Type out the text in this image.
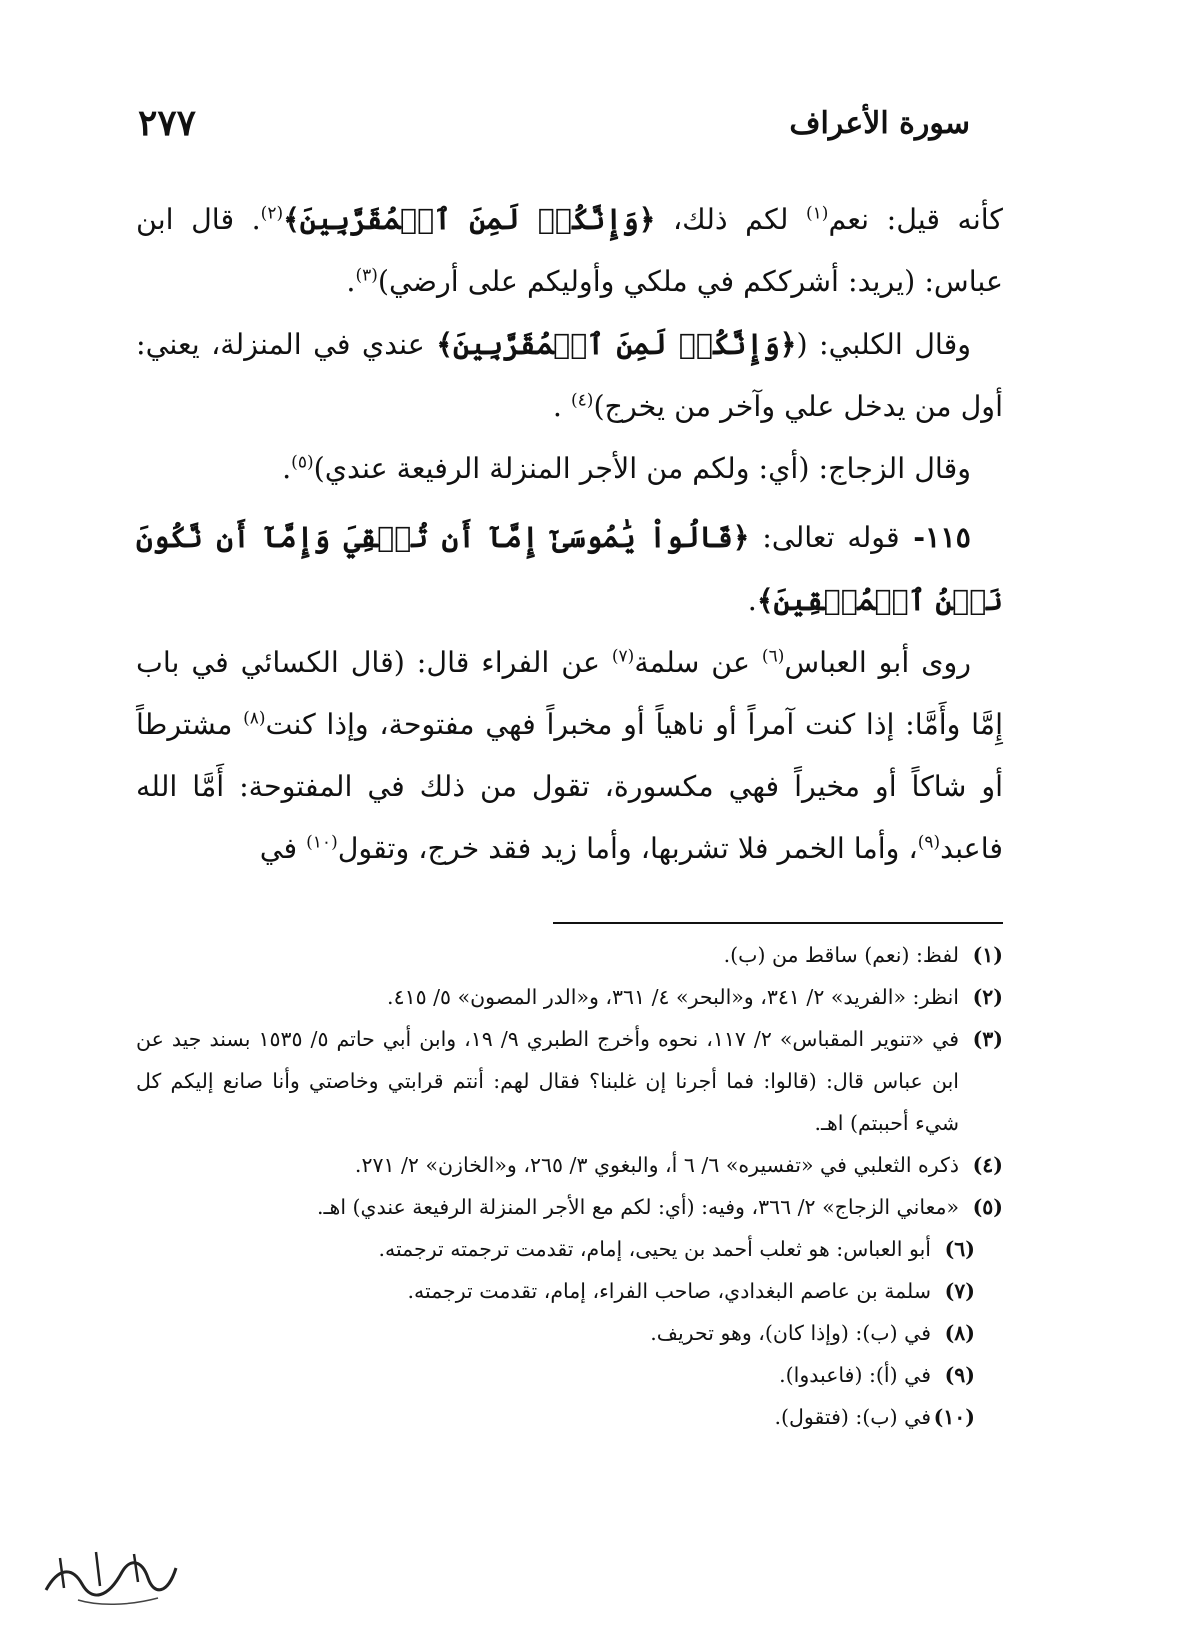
سورة الأعراف
٢٧٧

كأنه قيل: نعم$^{(١)}$ لكم ذلك، ﴿وَإِنَّكُمۡ لَمِنَ ٱلۡمُقَرَّبِينَ﴾$^{(٢)}$. قال ابن عباس: (يريد: أشرككم في ملكي وأوليكم على أرضي)$^{(٣)}$.

وقال الكلبي: (﴿وَإِنَّكُمۡ لَمِنَ ٱلۡمُقَرَّبِينَ﴾ عندي في المنزلة، يعني: أول من يدخل علي وآخر من يخرج)$^{(٤)}$ .

وقال الزجاج: (أي: ولكم من الأجر المنزلة الرفيعة عندي)$^{(٥)}$.

١١٥- قوله تعالى: ﴿قَالُواْ يَٰمُوسَىٰٓ إِمَّآ أَن تُلۡقِيَ وَإِمَّآ أَن نَّكُونَ نَحۡنُ ٱلۡمُلۡقِينَ﴾.

روى أبو العباس$^{(٦)}$ عن سلمة$^{(٧)}$ عن الفراء قال: (قال الكسائي في باب إِمَّا وأَمَّا: إذا كنت آمراً أو ناهياً أو مخبراً فهي مفتوحة، وإذا كنت$^{(٨)}$ مشترطاً أو شاكاً أو مخيراً فهي مكسورة، تقول من ذلك في المفتوحة: أَمَّا الله فاعبد$^{(٩)}$، وأما الخمر فلا تشربها، وأما زيد فقد خرج، وتقول$^{(١٠)}$ في

(١)
لفظ: (نعم) ساقط من (ب).
(٢)
انظر: «الفريد» ٢/ ٣٤١، و«البحر» ٤/ ٣٦١، و«الدر المصون» ٥/ ٤١٥.
(٣)
في «تنوير المقباس» ٢/ ١١٧، نحوه وأخرج الطبري ٩/ ١٩، وابن أبي حاتم ٥/ ١٥٣٥ بسند جيد عن ابن عباس قال: (قالوا: فما أجرنا إن غلبنا؟ فقال لهم: أنتم قرابتي وخاصتي وأنا صانع إليكم كل شيء أحببتم) اهـ.
(٤)
ذكره الثعلبي في «تفسيره» ٦/ ٦ أ، والبغوي ٣/ ٢٦٥، و«الخازن» ٢/ ٢٧١.
(٥)
«معاني الزجاج» ٢/ ٣٦٦، وفيه: (أي: لكم مع الأجر المنزلة الرفيعة عندي) اهـ.
(٦)
أبو العباس: هو ثعلب أحمد بن يحيى، إمام، تقدمت ترجمته ترجمته.
(٧)
سلمة بن عاصم البغدادي، صاحب الفراء، إمام، تقدمت ترجمته.
(٨)
في (ب): (وإذا كان)، وهو تحريف.
(٩)
في (أ): (فاعبدوا).
(١٠)
في (ب): (فتقول).
